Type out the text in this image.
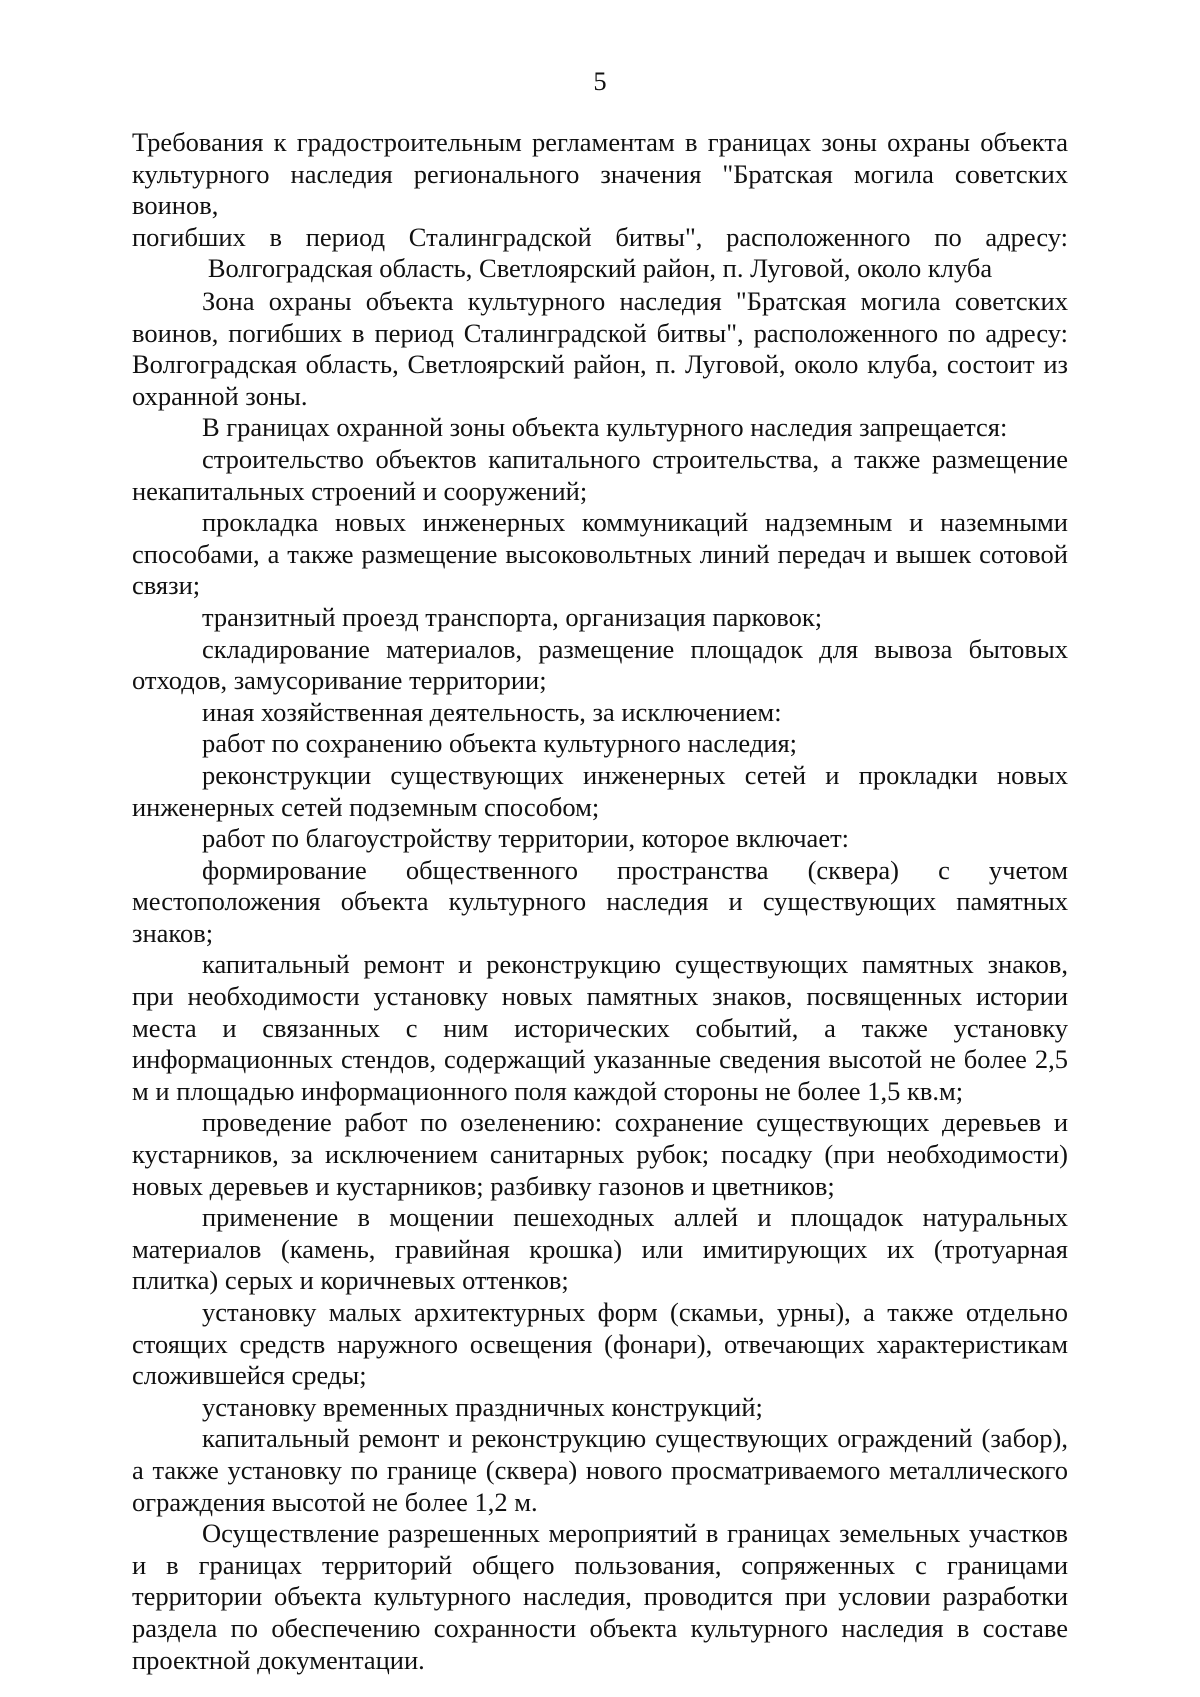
5

Требования к градостроительным регламентам в границах зоны охраны объекта
культурного наследия регионального значения "Братская могила советских воинов,
погибших в период Сталинградской битвы", расположенного по адресу:
Волгоградская область, Светлоярский район, п. Луговой, около клуба

Зона охраны объекта культурного наследия "Братская могила советских воинов, погибших в период Сталинградской битвы", расположенного по адресу: Волгоградская область, Светлоярский район, п. Луговой, около клуба, состоит из охранной зоны.

В границах охранной зоны объекта культурного наследия запрещается:

строительство объектов капитального строительства, а также размещение некапитальных строений и сооружений;

прокладка новых инженерных коммуникаций надземным и наземными способами, а также размещение высоковольтных линий передач и вышек сотовой связи;

транзитный проезд транспорта, организация парковок;

складирование материалов, размещение площадок для вывоза бытовых отходов, замусоривание территории;

иная хозяйственная деятельность, за исключением:

работ по сохранению объекта культурного наследия;

реконструкции существующих инженерных сетей и прокладки новых инженерных сетей подземным способом;

работ по благоустройству территории, которое включает:

формирование общественного пространства (сквера) с учетом местоположения объекта культурного наследия и существующих памятных знаков;

капитальный ремонт и реконструкцию существующих памятных знаков, при необходимости установку новых памятных знаков, посвященных истории места и связанных с ним исторических событий, а также установку информационных стендов, содержащий указанные сведения высотой не более 2,5 м и площадью информационного поля каждой стороны не более 1,5 кв.м;

проведение работ по озеленению: сохранение существующих деревьев и кустарников, за исключением санитарных рубок; посадку (при необходимости) новых деревьев и кустарников; разбивку газонов и цветников;

применение в мощении пешеходных аллей и площадок натуральных материалов (камень, гравийная крошка) или имитирующих их (тротуарная плитка) серых и коричневых оттенков;

установку малых архитектурных форм (скамьи, урны), а также отдельно стоящих средств наружного освещения (фонари), отвечающих характеристикам сложившейся среды;

установку временных праздничных конструкций;

капитальный ремонт и реконструкцию существующих ограждений (забор), а также установку по границе (сквера) нового просматриваемого металлического ограждения высотой не более 1,2 м.

Осуществление разрешенных мероприятий в границах земельных участков и в границах территорий общего пользования, сопряженных с границами территории объекта культурного наследия, проводится при условии разработки раздела по обеспечению сохранности объекта культурного наследия в составе проектной документации.
